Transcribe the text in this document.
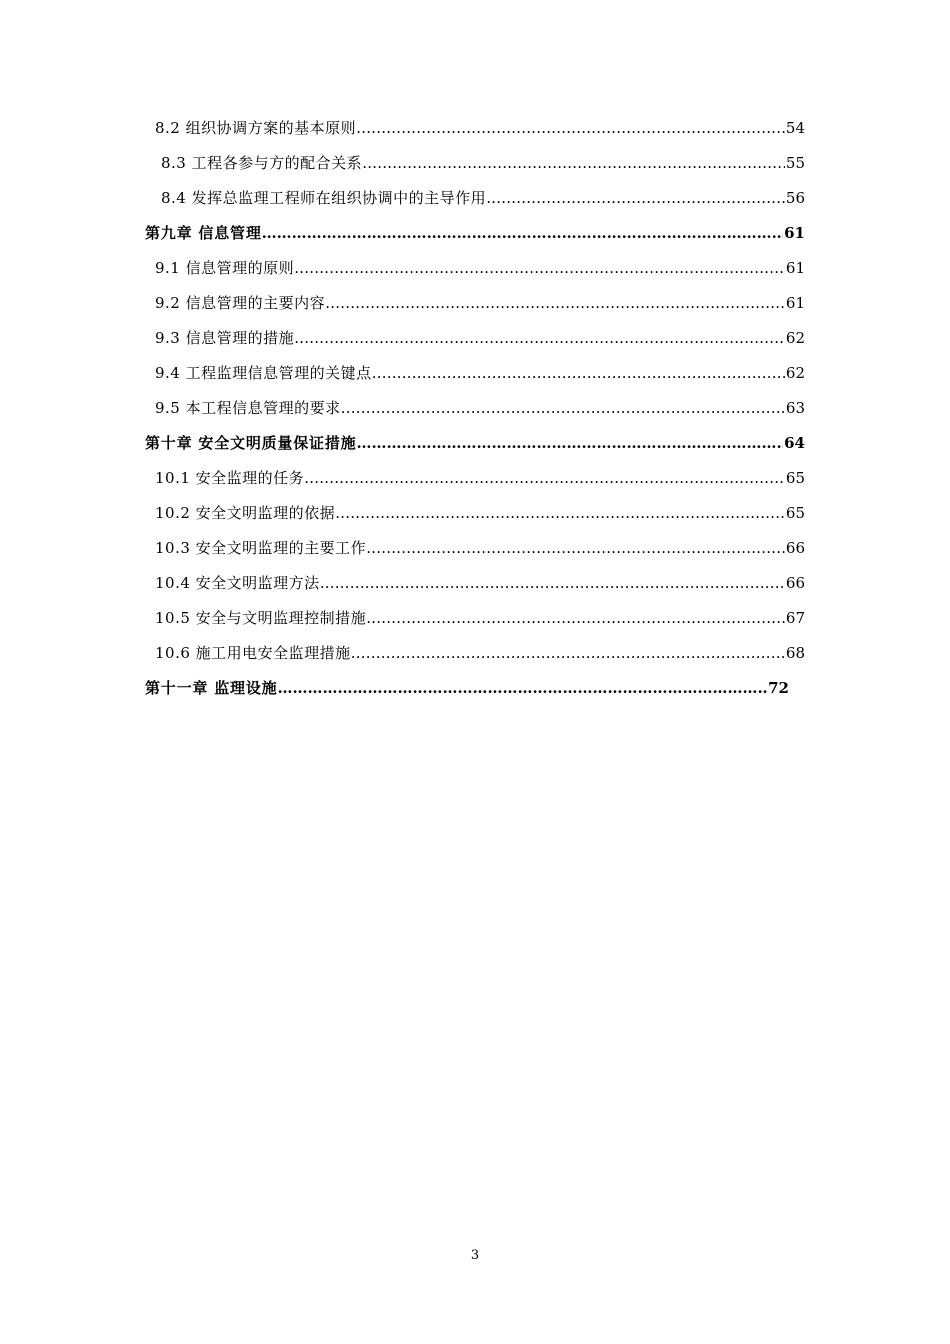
8.2 组织协调方案的基本原则 ………………………………………………………………………………………………………………………………………………………………………………………………………	54
8.3 工程各参与方的配合关系 ………………………………………………………………………………………………………………………………………………………………………………………………………	55
8.4 发挥总监理工程师在组织协调中的主导作用 ………………………………………………………………………………………………………………………………………………………………………………………………………	56
第九章 信息管理 ………………………………………………………………………………………………………………………………………………………………………………………………………	61
9.1 信息管理的原则 ………………………………………………………………………………………………………………………………………………………………………………………………………	61
9.2 信息管理的主要内容 ………………………………………………………………………………………………………………………………………………………………………………………………………	61
9.3 信息管理的措施 ………………………………………………………………………………………………………………………………………………………………………………………………………	62
9.4 工程监理信息管理的关键点 ………………………………………………………………………………………………………………………………………………………………………………………………………	62
9.5 本工程信息管理的要求 ………………………………………………………………………………………………………………………………………………………………………………………………………	63
第十章 安全文明质量保证措施 ………………………………………………………………………………………………………………………………………………………………………………………………………	64
10.1 安全监理的任务 ………………………………………………………………………………………………………………………………………………………………………………………………………	65
10.2 安全文明监理的依据 ………………………………………………………………………………………………………………………………………………………………………………………………………	65
10.3 安全文明监理的主要工作 ………………………………………………………………………………………………………………………………………………………………………………………………………	66
10.4 安全文明监理方法 ………………………………………………………………………………………………………………………………………………………………………………………………………	66
10.5 安全与文明监理控制措施 ………………………………………………………………………………………………………………………………………………………………………………………………………	67
10.6 施工用电安全监理措施 ………………………………………………………………………………………………………………………………………………………………………………………………………	68
第十一章 监理设施 ………………………………………………………………………………………………………………………………………………………………………………………………………	72
3
